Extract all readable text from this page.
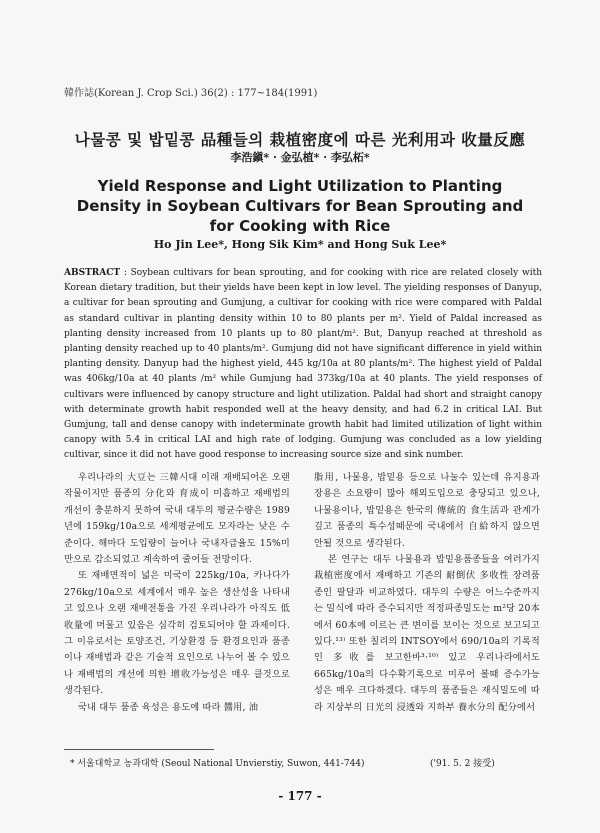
韓作誌(Korean J. Crop Sci.) 36(2) : 177~184(1991)
나물콩 및 밥밑콩 品種들의 栽植密度에 따른 光利用과 收量反應
李浩鎭* · 金弘植* · 李弘柘*
Yield Response and Light Utilization to Planting
Density in Soybean Cultivars for Bean Sprouting and
for Cooking with Rice
Ho Jin Lee*, Hong Sik Kim* and Hong Suk Lee*
ABSTRACT : Soybean cultivars for bean sprouting, and for cooking with rice are related closely with Korean dietary tradition, but their yields have been kept in low level. The yielding responses of Danyup, a cultivar for bean sprouting and Gumjung, a cultivar for cooking with rice were compared with Paldal as standard cultivar in planting density within 10 to 80 plants per m². Yield of Paldal increased as planting density increased from 10 plants up to 80 plant/m². But, Danyup reached at threshold as planting density reached up to 40 plants/m². Gumjung did not have significant difference in yield within planting density. Danyup had the highest yield, 445 kg/10a at 80 plants/m². The highest yield of Paldal was 406kg/10a at 40 plants /m² while Gumjung had 373kg/10a at 40 plants. The yield responses of cultivars were influenced by canopy structure and light utilization. Paldal had short and straight canopy with determinate growth habit responded well at the heavy density, and had 6.2 in critical LAI. But Gumjung, tall and dense canopy with indeterminate growth habit had limited utilization of light within canopy with 5.4 in critical LAI and high rate of lodging. Gumjung was concluded as a low yielding cultivar, since it did not have good response to increasing source size and sink number.

우리나라의 大豆는 三韓시대 이래 재배되어온 오랜 작물이지만 품종의 分化와 育成이 미흡하고 재배법의 개선이 충분하지 못하여 국내 대두의 평균수량은 1989년에 159kg/10a으로 세계평균에도 모자라는 낮은 수준이다. 해마다 도입량이 늘어나 국내자급율도 15%미만으로 감소되었고 계속하여 줄어들 전망이다.

또 재배면적이 넓은 미국이 225kg/10a, 카나다가 276kg/10a으로 세계에서 매우 높은 생산성을 나타내고 있으나 오랜 재배전통을 가진 우리나라가 아직도 低收量에 머물고 있음은 심각히 검토되어야 할 과제이다. 그 이유로서는 토양조건, 기상환경 등 환경요인과 품종이나 재배법과 같은 기술적 요인으로 나누어 볼 수 있으나 재배법의 개선에 의한 增收가능성은 매우 클것으로 생각된다.

국내 대두 품종 육성은 용도에 따라 醬用, 油

脂用, 나물용, 밥밑용 등으로 나눌수 있는데 유지용과 장용은 소요량이 많아 해외도입으로 충당되고 있으나, 나물용이나, 밥밑용은 한국의 傳統的 食生活과 관계가 깊고 품종의 특수성때문에 국내에서 自給하지 않으면 안될 것으로 생각된다.

본 연구는 대두 나물용과 밥밑용품종들을 여러가지 栽植密度에서 재배하고 기존의 耐倒伏 多收性 장려품종인 팔달과 비교하였다. 대두의 수량은 어느수준까지는 밀식에 따라 증수되지만 적정파종밀도는 m²당 20本에서 60本에 이르는 큰 변이를 보이는 것으로 보고되고 있다.¹³⁾ 또한 칠리의 INTSOY에서 690/10a의 기록적인 多收를 보고한바³·¹⁰⁾ 있고 우리나라에서도 665kg/10a의 다수확기록으로 미루어 볼때 증수가능성은 매우 크다하겠다. 대두의 품종들은 재식밀도에 따라 지상부의 日光의 浸透와 지하부 養水分의 配分에서

* 서울대학교 농과대학 (Seoul National Unvierstiy, Suwon, 441-744)	('91. 5. 2 接受)
- 177 -
